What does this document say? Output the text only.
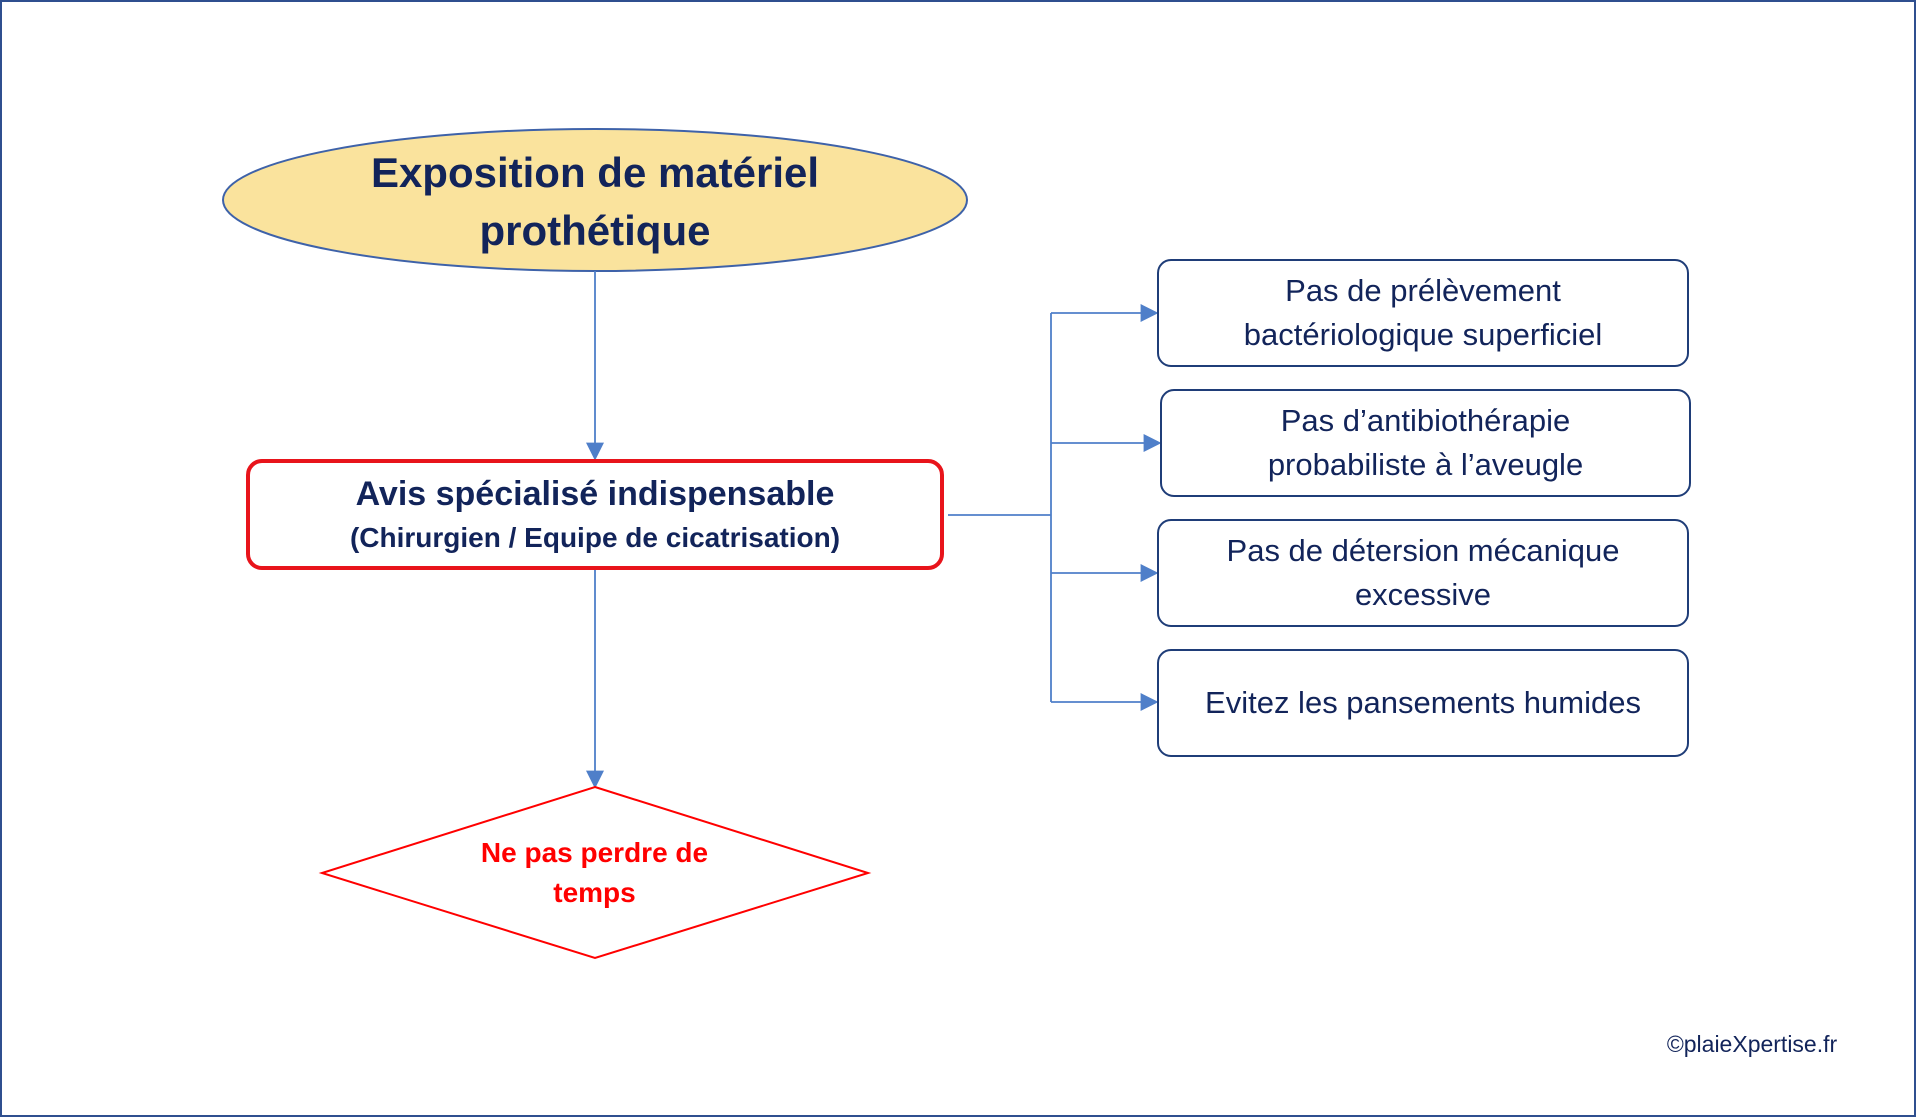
Exposition de matériel
prothétique
Avis spécialisé indispensable
(Chirurgien / Equipe de cicatrisation)
Ne pas perdre de
temps
Pas de prélèvement
bactériologique superficiel
Pas d’antibiothérapie
probabiliste à l’aveugle
Pas de détersion mécanique
excessive
Evitez les pansements humides
©plaieXpertise.fr
